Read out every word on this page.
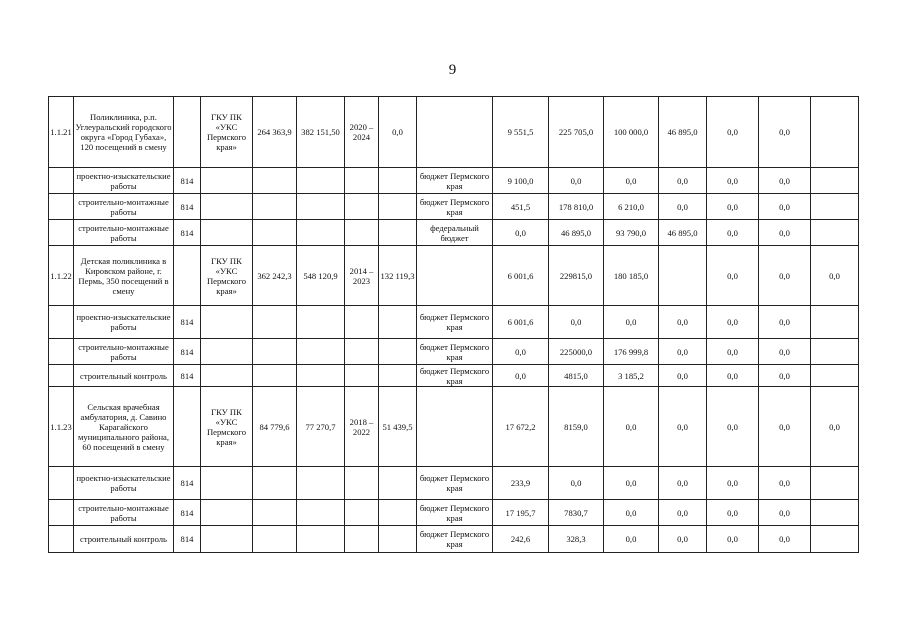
9
1.1.21	Поликлиника, р.п. Углеуральский городского округа «Город Губаха», 120 посещений в смену		ГКУ ПК «УКС Пермского края»	264 363,9	382 151,50	2020 – 2024	0,0		9 551,5	225 705,0	100 000,0	46 895,0	0,0	0,0	
	проектно-изыскательские работы	814						бюджет Пермского края	9 100,0	0,0	0,0	0,0	0,0	0,0	
	строительно-монтажные работы	814						бюджет Пермского края	451,5	178 810,0	6 210,0	0,0	0,0	0,0	
	строительно-монтажные работы	814						федеральный бюджет	0,0	46 895,0	93 790,0	46 895,0	0,0	0,0	
1.1.22	Детская поликлиника в Кировском районе, г. Пермь, 350 посещений в смену		ГКУ ПК «УКС Пермского края»	362 242,3	548 120,9	2014 – 2023	132 119,3		6 001,6	229815,0	180 185,0		0,0	0,0	0,0
	проектно-изыскательские работы	814						бюджет Пермского края	6 001,6	0,0	0,0	0,0	0,0	0,0	
	строительно-монтажные работы	814						бюджет Пермского края	0,0	225000,0	176 999,8	0,0	0,0	0,0	
	строительный контроль	814						бюджет Пермского края	0,0	4815,0	3 185,2	0,0	0,0	0,0	
1.1.23	Сельская врачебная амбулатория, д. Савино Карагайского муниципального района, 60 посещений в смену		ГКУ ПК «УКС Пермского края»	84 779,6	77 270,7	2018 – 2022	51 439,5		17 672,2	8159,0	0,0	0,0	0,0	0,0	0,0
	проектно-изыскательские работы	814						бюджет Пермского края	233,9	0,0	0,0	0,0	0,0	0,0	
	строительно-монтажные работы	814						бюджет Пермского края	17 195,7	7830,7	0,0	0,0	0,0	0,0	
	строительный контроль	814						бюджет Пермского края	242,6	328,3	0,0	0,0	0,0	0,0	
